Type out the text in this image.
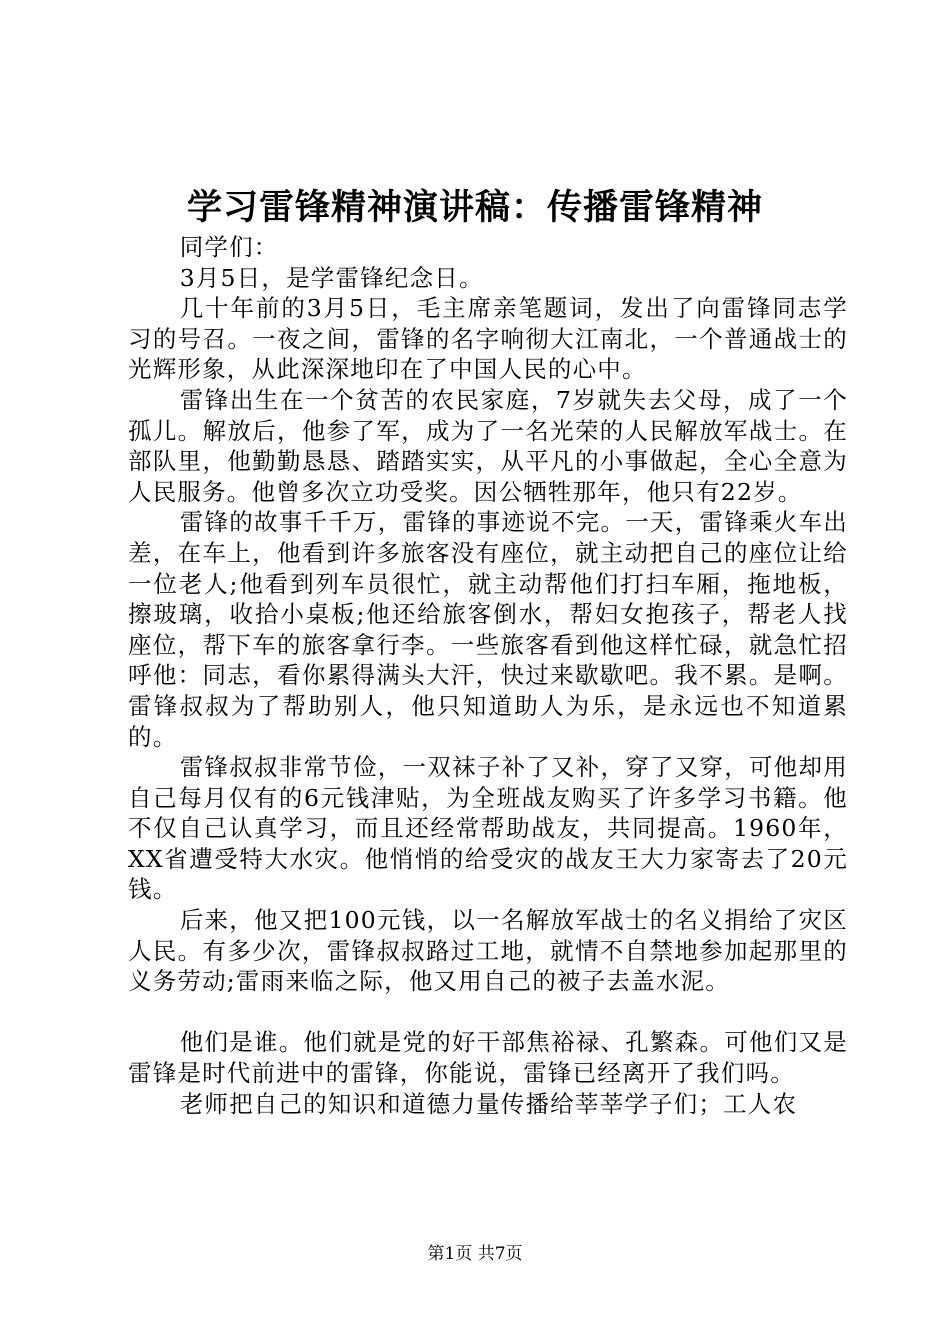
学习雷锋精神演讲稿：传播雷锋精神

同学们：

3月5日，是学雷锋纪念日。

几十年前的3月5日，毛主席亲笔题词，发出了向雷锋同志学习的号召。一夜之间，雷锋的名字响彻大江南北，一个普通战士的光辉形象，从此深深地印在了中国人民的心中。

雷锋出生在一个贫苦的农民家庭，7岁就失去父母，成了一个孤儿。解放后，他参了军，成为了一名光荣的人民解放军战士。在部队里，他勤勤恳恳、踏踏实实，从平凡的小事做起，全心全意为人民服务。他曾多次立功受奖。因公牺牲那年，他只有22岁。

雷锋的故事千千万，雷锋的事迹说不完。一天，雷锋乘火车出差，在车上，他看到许多旅客没有座位，就主动把自己的座位让给一位老人;他看到列车员很忙，就主动帮他们打扫车厢，拖地板，擦玻璃，收拾小桌板;他还给旅客倒水，帮妇女抱孩子，帮老人找座位，帮下车的旅客拿行李。一些旅客看到他这样忙碌，就急忙招呼他：同志，看你累得满头大汗，快过来歇歇吧。我不累。是啊。雷锋叔叔为了帮助别人，他只知道助人为乐，是永远也不知道累的。

雷锋叔叔非常节俭，一双袜子补了又补，穿了又穿，可他却用自己每月仅有的6元钱津贴，为全班战友购买了许多学习书籍。他不仅自己认真学习，而且还经常帮助战友，共同提高。1960年，XX省遭受特大水灾。他悄悄的给受灾的战友王大力家寄去了20元钱。

后来，他又把100元钱，以一名解放军战士的名义捐给了灾区人民。有多少次，雷锋叔叔路过工地，就情不自禁地参加起那里的义务劳动;雷雨来临之际，他又用自己的被子去盖水泥。

他们是谁。他们就是党的好干部焦裕禄、孔繁森。可他们又是雷锋是时代前进中的雷锋，你能说，雷锋已经离开了我们吗。

老师把自己的知识和道德力量传播给莘莘学子们；工人农

第1页 共7页
